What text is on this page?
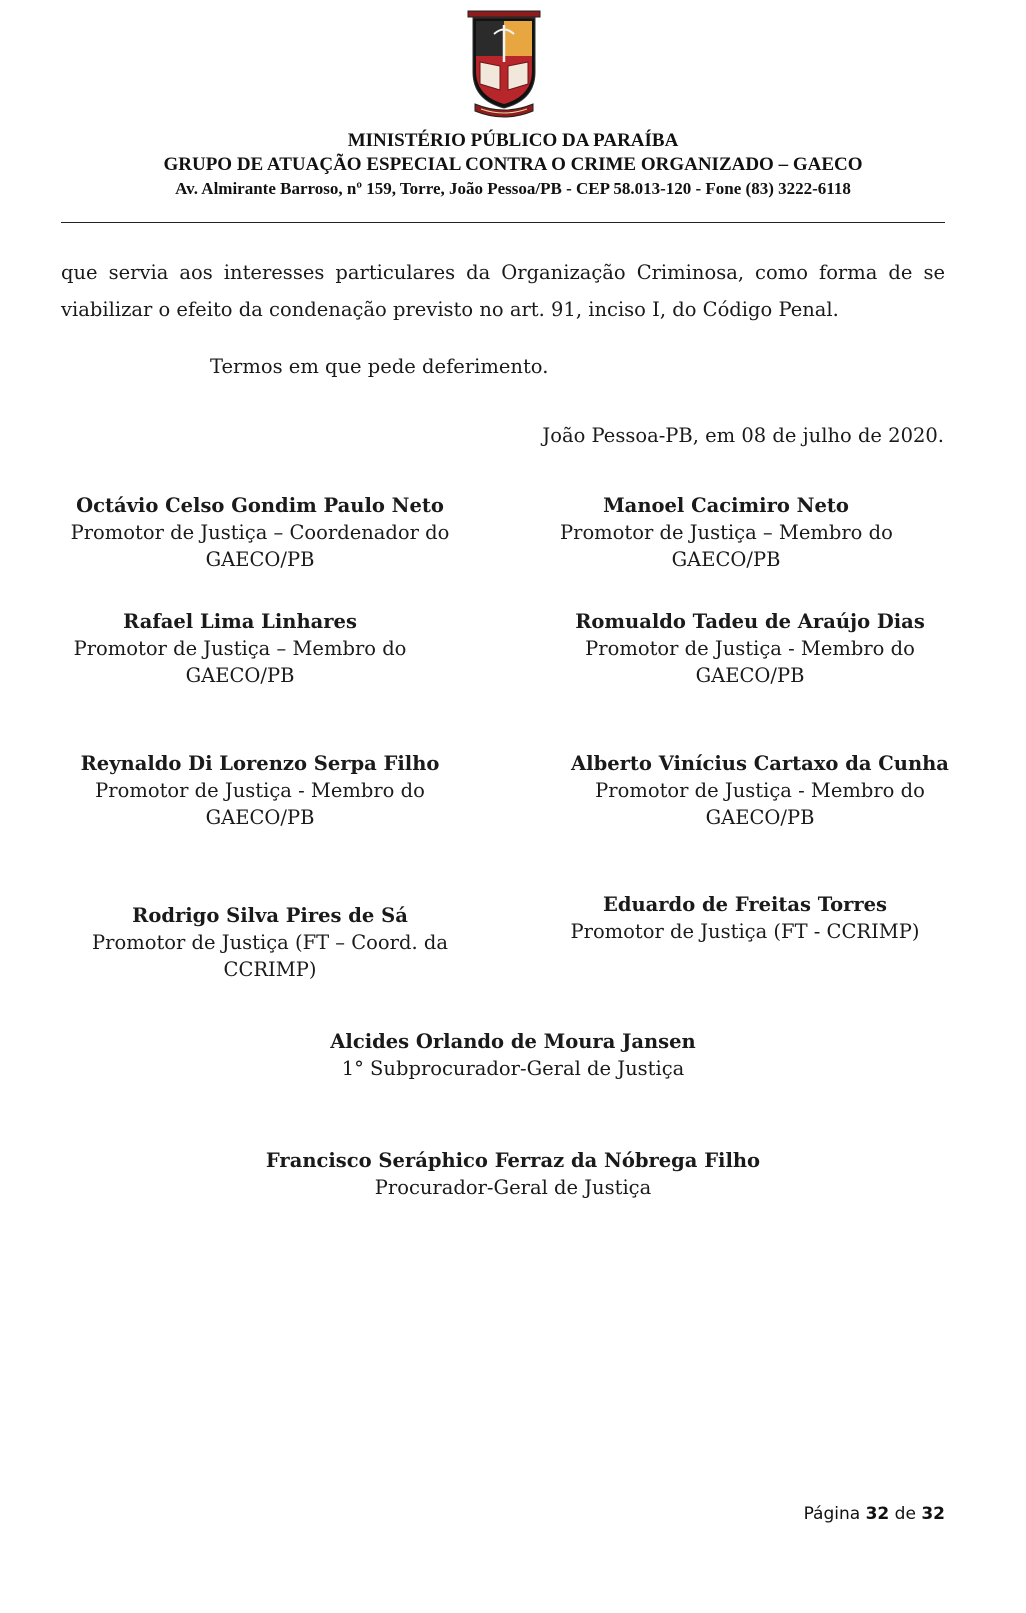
MINISTÉRIO PÚBLICO DA PARAÍBA
GRUPO DE ATUAÇÃO ESPECIAL CONTRA O CRIME ORGANIZADO – GAECO
Av. Almirante Barroso, nº 159, Torre, João Pessoa/PB - CEP 58.013-120 - Fone (83) 3222-6118
que servia aos interesses particulares da Organização Criminosa, como forma de se
viabilizar o efeito da condenação previsto no art. 91, inciso I, do Código Penal.
Termos em que pede deferimento.
João Pessoa-PB, em 08 de julho de 2020.
Octávio Celso Gondim Paulo Neto
Promotor de Justiça – Coordenador do
GAECO/PB
Manoel Cacimiro Neto
Promotor de Justiça – Membro do
GAECO/PB
Rafael Lima Linhares
Promotor de Justiça – Membro do
GAECO/PB
Romualdo Tadeu de Araújo Dias
Promotor de Justiça - Membro do
GAECO/PB
Reynaldo Di Lorenzo Serpa Filho
Promotor de Justiça - Membro do
GAECO/PB
Alberto Vinícius Cartaxo da Cunha
Promotor de Justiça - Membro do
GAECO/PB
Rodrigo Silva Pires de Sá
Promotor de Justiça (FT – Coord. da
CCRIMP)
Eduardo de Freitas Torres
Promotor de Justiça (FT - CCRIMP)
Alcides Orlando de Moura Jansen
1° Subprocurador-Geral de Justiça
Francisco Seráphico Ferraz da Nóbrega Filho
Procurador-Geral de Justiça
Página 32 de 32
